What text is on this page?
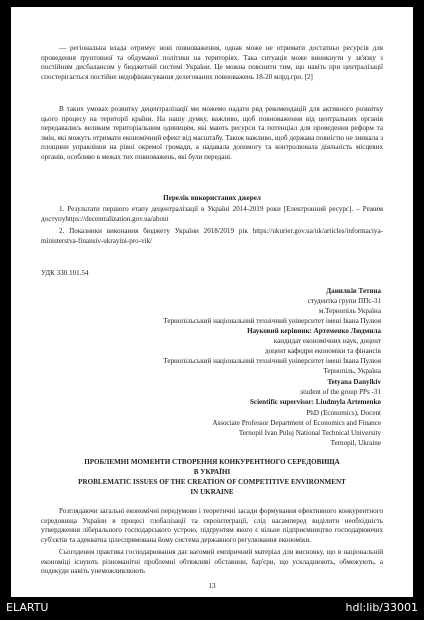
— регіональна влада отримує нові повноваження, однак може не отримати достатньо ресурсів для проведення ґрунтовної та обдуманої політики на територіях. Така ситуація може виникнути у зв'язку з постійним дисбалансом у бюджетній системі України. Це можна пояснити тим, що навіть при централізації спостерігається постійне недофінансування делегованих повноважень 18-20 млрд.грн. [2]

В таких умовах розвитку децентралізації ми можемо надати ряд рекомендацій для активного розвитку цього процесу на території країни. На нашу думку, важливо, щоб повноваження від центральних органів передавались великим територіальним одиницям, які мають ресурси та потенціал для проведення реформ та змін, які можуть отримати економічний ефект від масштабу. Також важливо, щоб держава повністю не зникала з площини управління на рівні окремої громади, а надавала допомогу та контролювала діяльність місцевих органів, особливо в межах тих повноважень, які були передані.

Перелік використаних джерел

1. Результати першого етапу децентралізації в Україні 2014-2019 роки [Електронний ресурс]. – Режим доступуhttps://decentralization.gov.ua/about

2. Показники виконання бюджету України 2018/2019 рік https://ukurier.gov.ua/uk/articles/informaciya-ministerstva-finansiv-ukrayini-pro-vik/

УДК 330.101.54

Данилків Тетяна

студентка групи ППс-31

м.Тернопіль Україна

Тернопільський національний технічний університет імені Івана Пулюя

Науковий керівник: Артеменко Людмила

кандидат економічних наук, доцент

доцент кафедри економіки та фінансів

Тернопільський національний технічний університет імені Івана Пулюя

Тернопіль, Україна

Tetyana Danylkiv

student of the group PPs -31

Scientific supervisor: Liudmyla Artemenko

PhD (Economics), Docent

Associate Professor Department of Economics and Finance

Ternopil Ivan Puluj National Technical University

Ternopil, Ukraine

ПРОБЛЕМНІ МОМЕНТИ СТВОРЕННЯ КОНКУРЕНТНОГО СЕРЕДОВИЩА

В УКРАЇНІ

PROBLEMATIC ISSUES OF THE CREATION OF COMPETITIVE ENVIRONMENT

IN UKRAINE

Розглядаючи загальні економічні передумови і теоретичні засади формування ефективного конкурентного середовища України в процесі глобалізації та євроінтеграції, слід насамперед виділити необхідність утвердження ліберального господарського устрою, підґрунтям якого є вільне підприємництво господарюючих суб'єктів та адекватна цілеспрямована йому система державного регулювання економіки.

Сьогодення практика господарювання дає вагомий емпіричний матеріал для висновку, що в національній економіці існують різноманітні проблемні обтяжливі обставини, бар'єри, що ускладнюють, обмежують, а подекуди навіть унеможливлюють

13

ELARTU	hdl:lib/33001
